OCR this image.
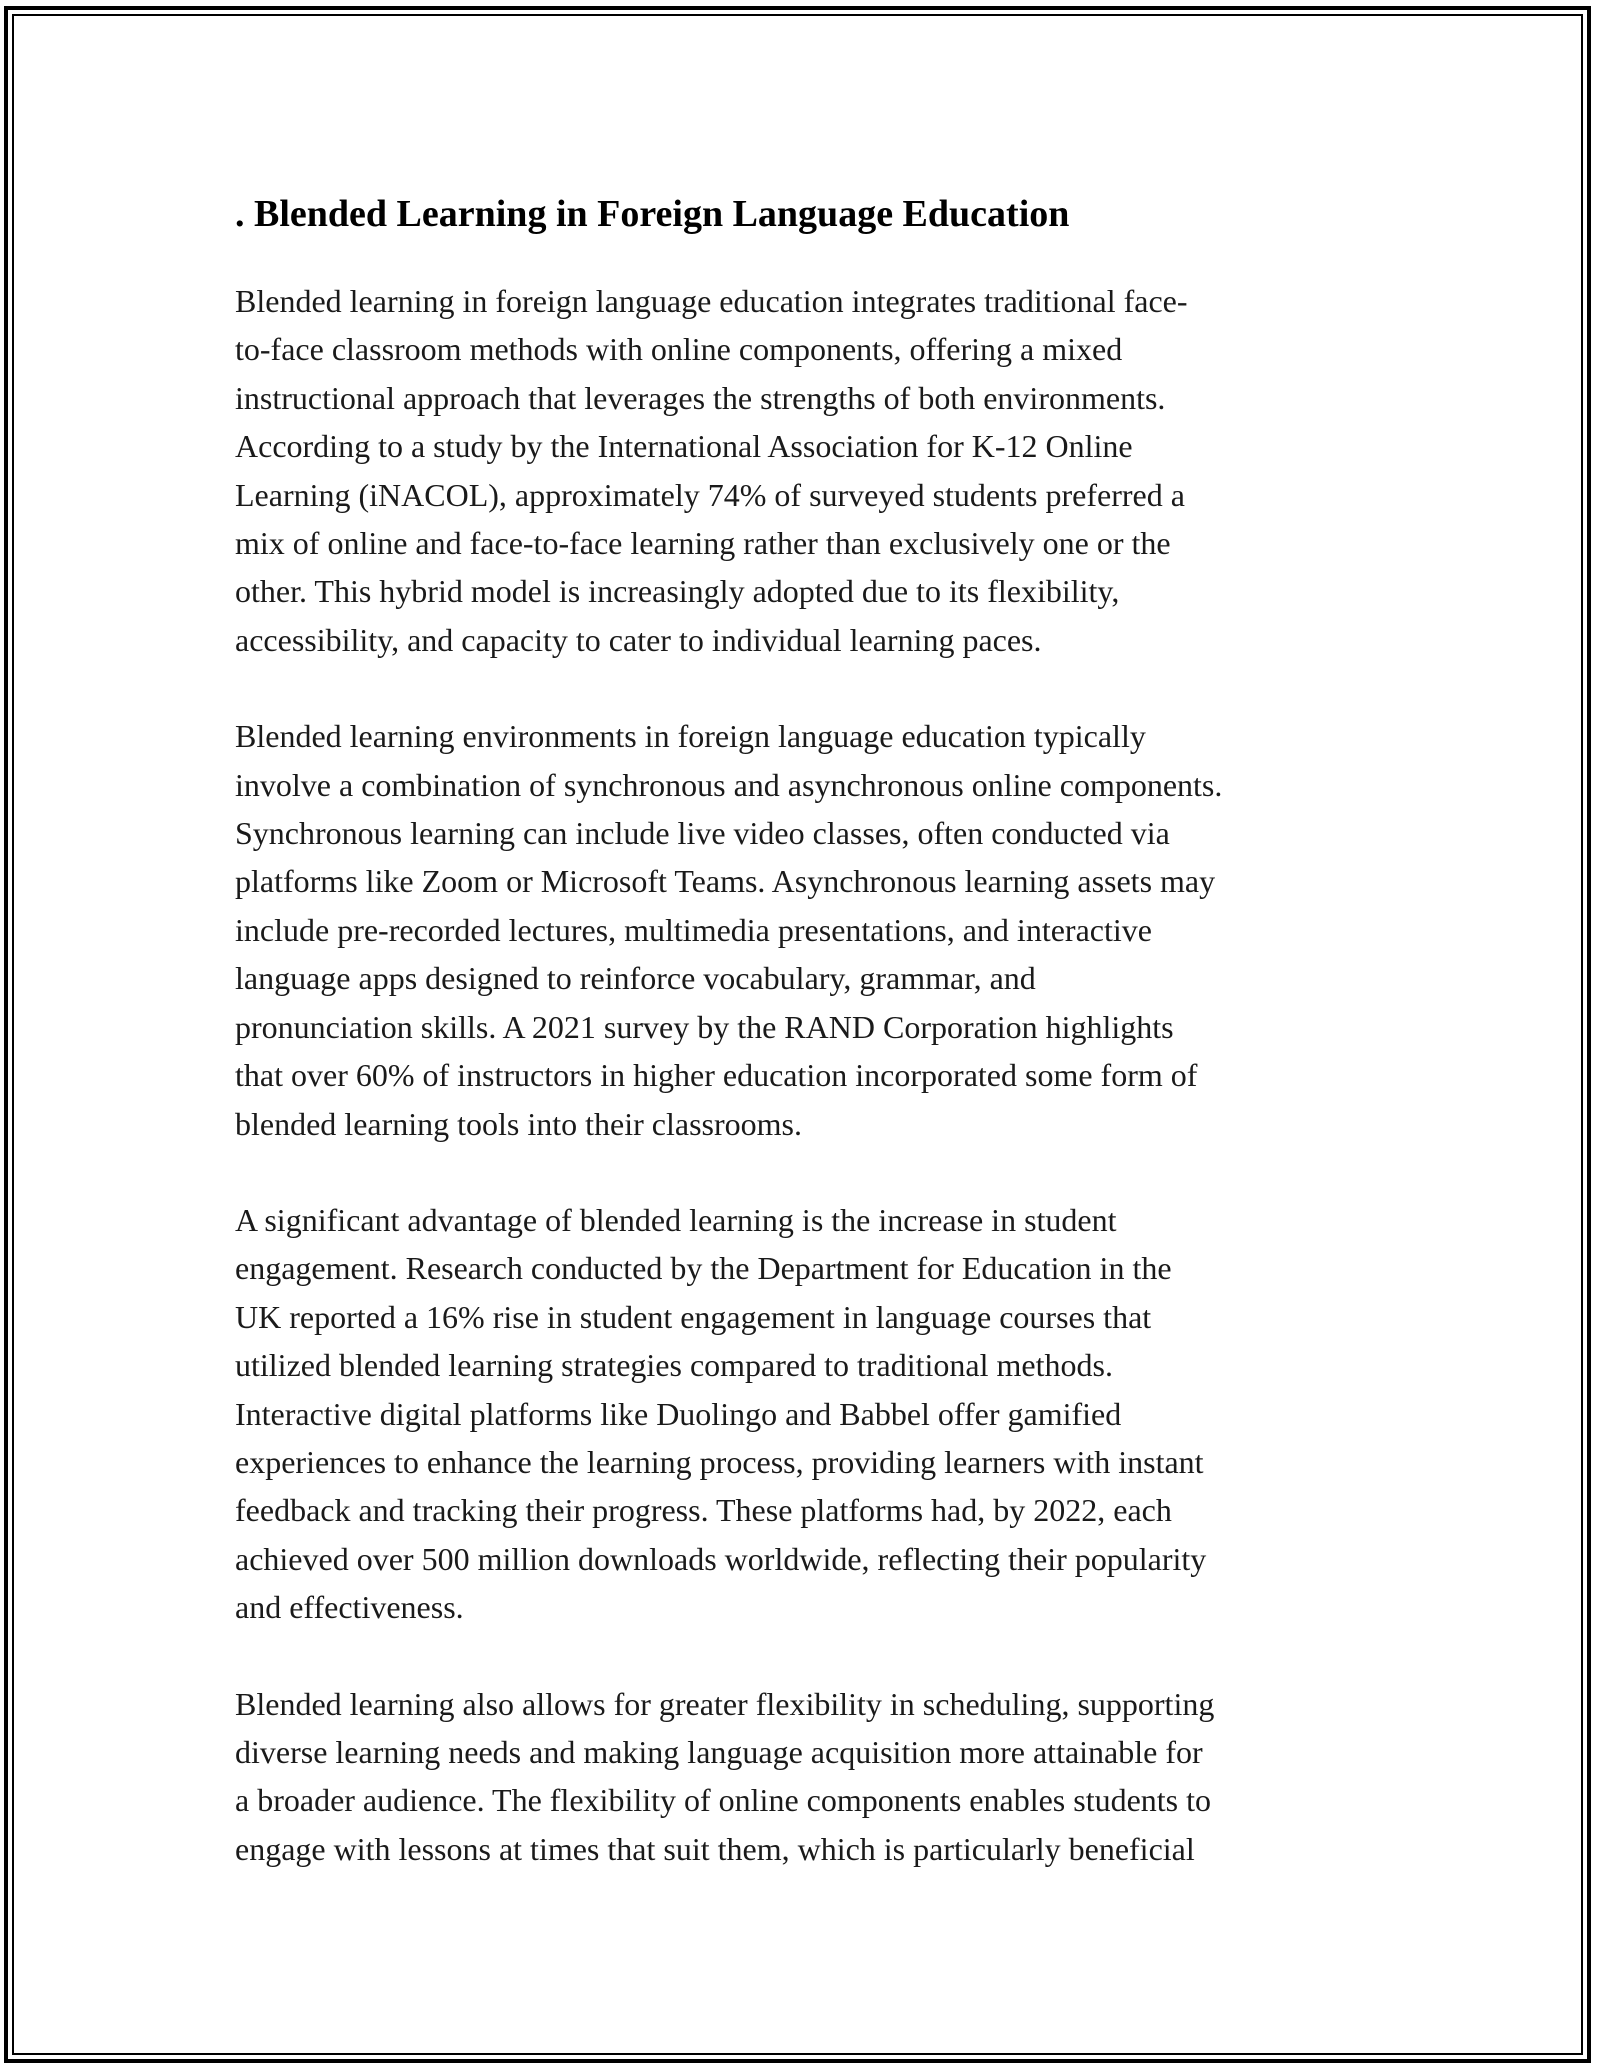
. Blended Learning in Foreign Language Education

Blended learning in foreign language education integrates traditional face-
to-face classroom methods with online components, offering a mixed
instructional approach that leverages the strengths of both environments.
According to a study by the International Association for K-12 Online
Learning (iNACOL), approximately 74% of surveyed students preferred a
mix of online and face-to-face learning rather than exclusively one or the
other. This hybrid model is increasingly adopted due to its flexibility,
accessibility, and capacity to cater to individual learning paces.

Blended learning environments in foreign language education typically
involve a combination of synchronous and asynchronous online components.
Synchronous learning can include live video classes, often conducted via
platforms like Zoom or Microsoft Teams. Asynchronous learning assets may
include pre-recorded lectures, multimedia presentations, and interactive
language apps designed to reinforce vocabulary, grammar, and
pronunciation skills. A 2021 survey by the RAND Corporation highlights
that over 60% of instructors in higher education incorporated some form of
blended learning tools into their classrooms.

A significant advantage of blended learning is the increase in student
engagement. Research conducted by the Department for Education in the
UK reported a 16% rise in student engagement in language courses that
utilized blended learning strategies compared to traditional methods.
Interactive digital platforms like Duolingo and Babbel offer gamified
experiences to enhance the learning process, providing learners with instant
feedback and tracking their progress. These platforms had, by 2022, each
achieved over 500 million downloads worldwide, reflecting their popularity
and effectiveness.

Blended learning also allows for greater flexibility in scheduling, supporting
diverse learning needs and making language acquisition more attainable for
a broader audience. The flexibility of online components enables students to
engage with lessons at times that suit them, which is particularly beneficial
